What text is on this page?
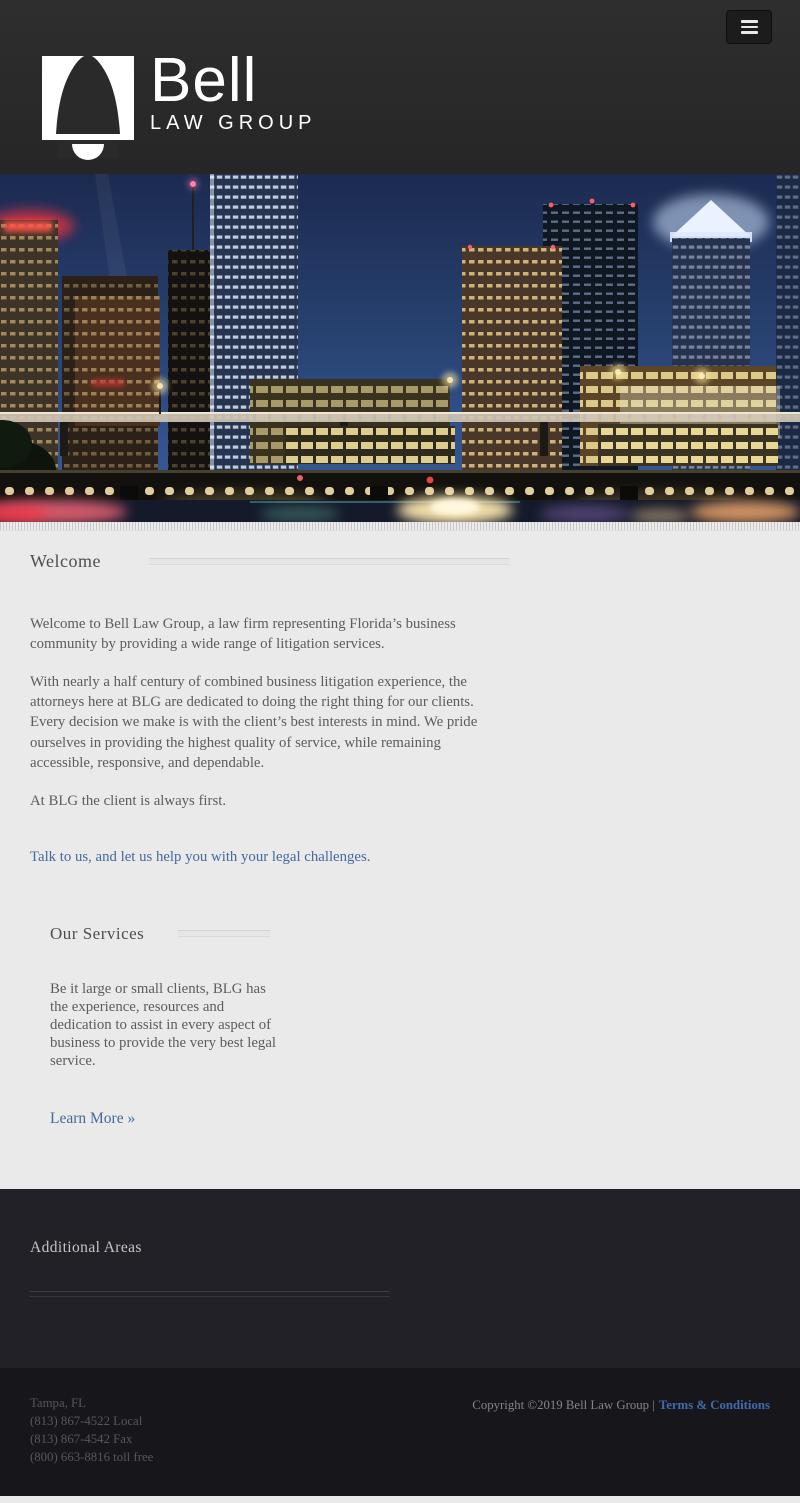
Bell
LAW GROUP
Welcome

Welcome to Bell Law Group, a law firm representing Florida’s business community by providing a wide range of litigation services.

With nearly a half century of combined business litigation experience, the attorneys here at BLG are dedicated to doing the right thing for our clients. Every decision we make is with the client’s best interests in mind. We pride ourselves in providing the highest quality of service, while remaining accessible, responsive, and dependable.

At BLG the client is always first.

Talk to us, and let us help you with your legal challenges.
Our Services

Be it large or small clients, BLG has the experience, resources and dedication to assist in every aspect of business to provide the very best legal service.

Learn More »
Additional Areas
Tampa, FL
(813) 867-4522 Local
(813) 867-4542 Fax
(800) 663-8816 toll free
Copyright ©2019 Bell Law Group | Terms & Conditions
